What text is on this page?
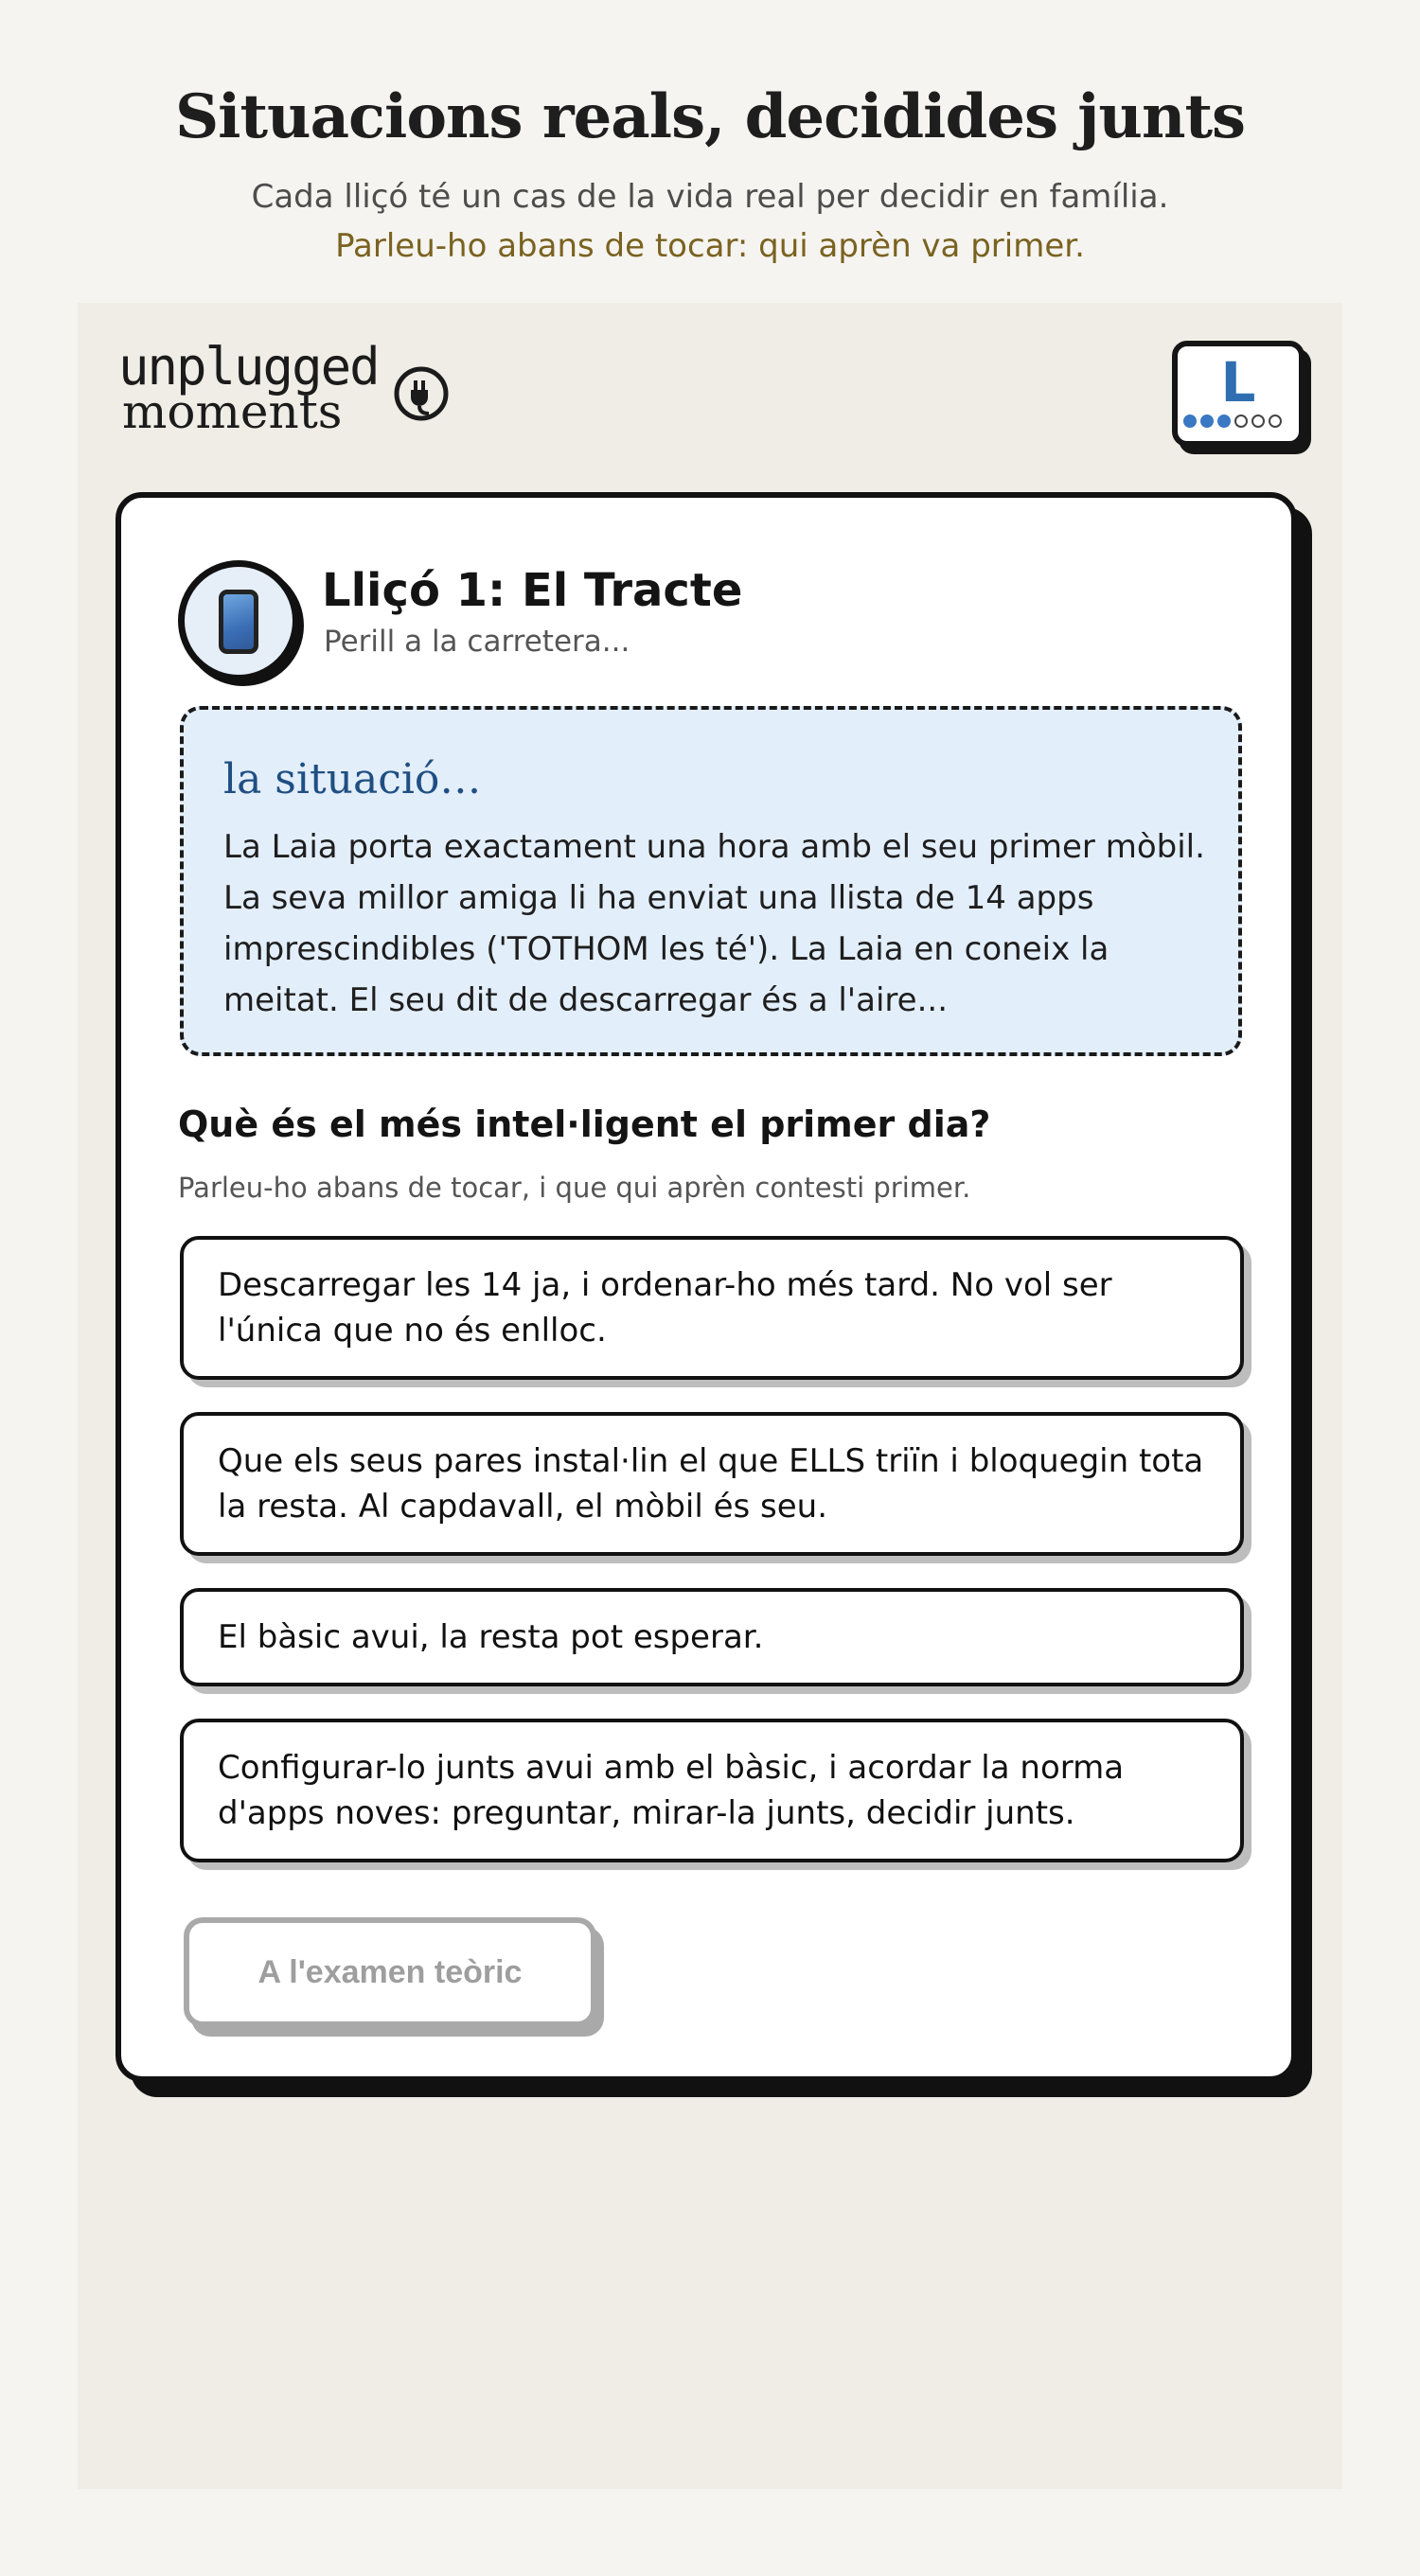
Situacions reals, decidides junts
Cada lliçó té un cas de la vida real per decidir en família.
Parleu-ho abans de tocar: qui aprèn va primer.
unplugged
moments	L
Lliçó 1: El Tracte
Perill a la carretera...
la situació…
La Laia porta exactament una hora amb el seu primer mòbil. La seva millor amiga li ha enviat una llista de 14 apps imprescindibles ('TOTHOM les té'). La Laia en coneix la meitat. El seu dit de descarregar és a l'aire...
Què és el més intel·ligent el primer dia?
Parleu-ho abans de tocar, i que qui aprèn contesti primer.
Descarregar les 14 ja, i ordenar-ho més tard. No vol ser l'única que no és enlloc.
Que els seus pares instal·lin el que ELLS triïn i bloquegin tota la resta. Al capdavall, el mòbil és seu.
El bàsic avui, la resta pot esperar.
Configurar-lo junts avui amb el bàsic, i acordar la norma d'apps noves: preguntar, mirar-la junts, decidir junts.
A l'examen teòric
